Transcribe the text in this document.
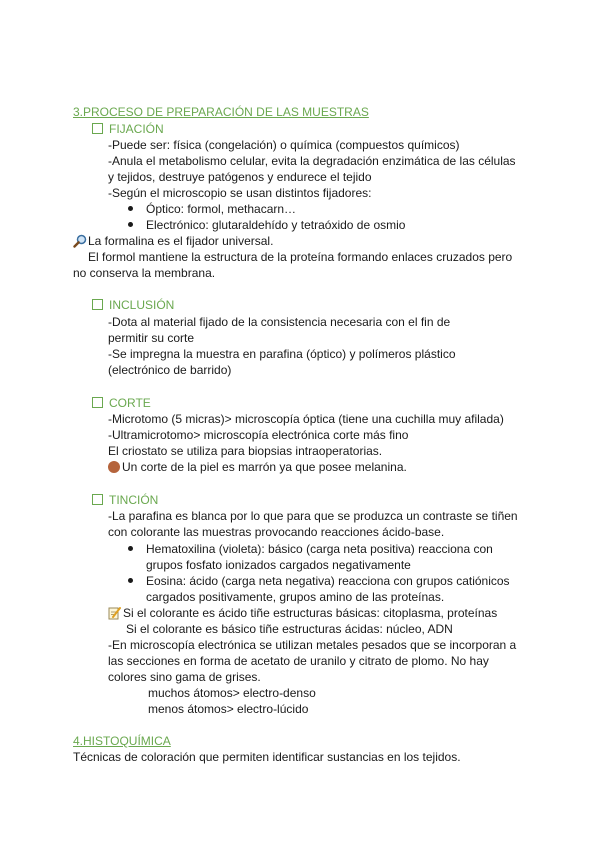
3.PROCESO DE PREPARACIÓN DE LAS MUESTRAS
FIJACIÓN
-Puede ser: física (congelación) o química (compuestos químicos)
-Anula el metabolismo celular, evita la degradación enzimática de las células
y tejidos, destruye patógenos y endurece el tejido
-Según el microscopio se usan distintos fijadores:
Óptico: formol, methacarn…
Electrónico: glutaraldehído y tetraóxido de osmio
La formalina es el fijador universal.
El formol mantiene la estructura de la proteína formando enlaces cruzados pero
no conserva la membrana.
INCLUSIÓN
-Dota al material fijado de la consistencia necesaria con el fin de
permitir su corte
-Se impregna la muestra en parafina (óptico) y polímeros plástico
(electrónico de barrido)
CORTE
-Microtomo (5 micras)> microscopía óptica (tiene una cuchilla muy afilada)
-Ultramicrotomo> microscopía electrónica corte más fino
El criostato se utiliza para biopsias intraoperatorias.
Un corte de la piel es marrón ya que posee melanina.
TINCIÓN
-La parafina es blanca por lo que para que se produzca un contraste se tiñen
con colorante las muestras provocando reacciones ácido-base.
Hematoxilina (violeta): básico (carga neta positiva) reacciona con
grupos fosfato ionizados cargados negativamente
Eosina: ácido (carga neta negativa) reacciona con grupos catiónicos
cargados positivamente, grupos amino de las proteínas.
Si el colorante es ácido tiñe estructuras básicas: citoplasma, proteínas
Si el colorante es básico tiñe estructuras ácidas: núcleo, ADN
-En microscopía electrónica se utilizan metales pesados que se incorporan a
las secciones en forma de acetato de uranilo y citrato de plomo. No hay
colores sino gama de grises.
muchos átomos> electro-denso
menos átomos> electro-lúcido
4.HISTOQUÍMICA
Técnicas de coloración que permiten identificar sustancias en los tejidos.
